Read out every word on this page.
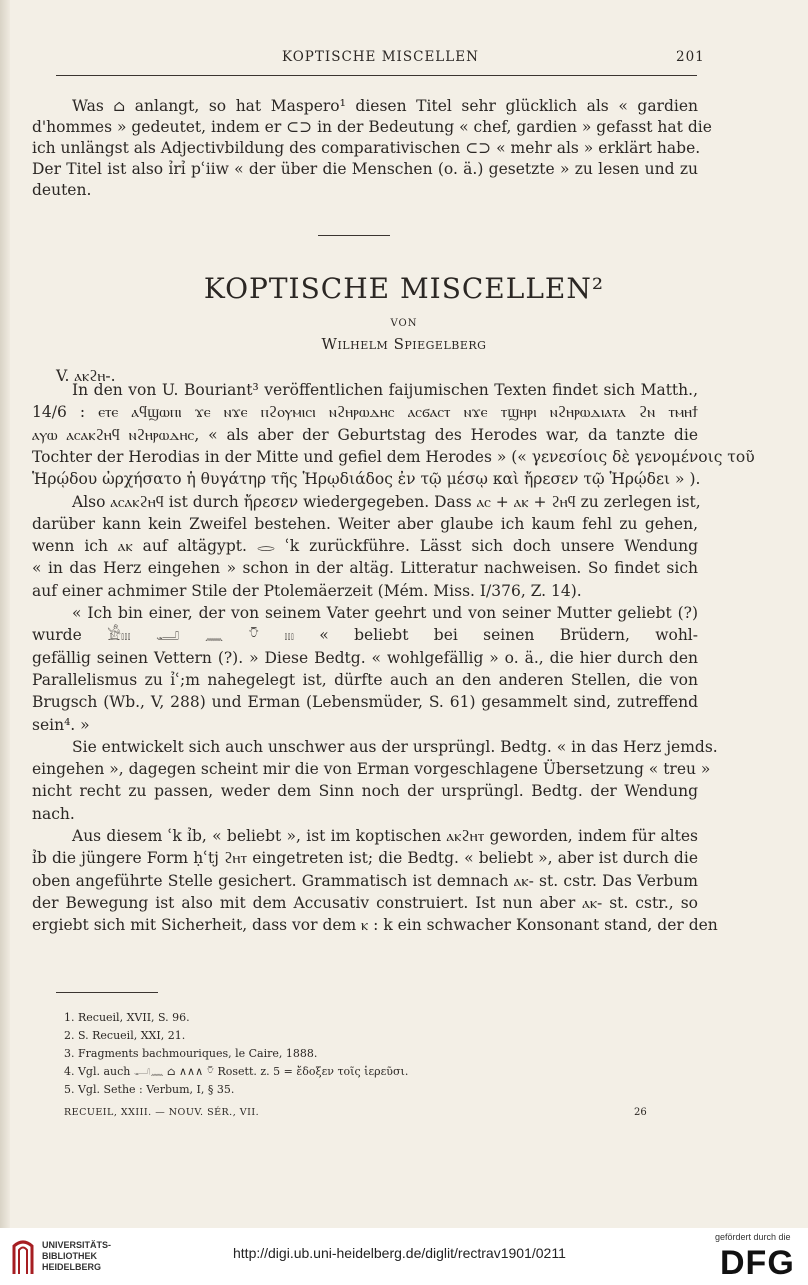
KOPTISCHE MISCELLEN	201
Was ⌂ anlangt, so hat Maspero¹ diesen Titel sehr glücklich als « gardien
d'hommes » gedeutet, indem er ⊂⊃ in der Bedeutung « chef, gardien » gefasst hat die
ich unlängst als Adjectivbildung des comparativischen ⊂⊃ « mehr als » erklärt habe.
Der Titel ist also ỉrỉ pʿiiw « der über die Menschen (o. ä.) gesetzte » zu lesen und zu
deuten.
KOPTISCHE MISCELLEN²
VON
Wilhelm Spiegelberg
V. ⲁⲕϩⲏ-.
In den von U. Bouriant³ veröffentlichen faijumischen Texten findet sich Matth.,
14/6 : ⲉⲧⲉ ⲁϥϣⲱⲡⲓ ϫⲉ ⲛϫⲉ ⲡϩⲟⲩⲙⲓⲥⲓ ⲛϩⲏⲣⲱⲇⲏⲥ ⲁⲥϭⲁⲥⲧ ⲛϫⲉ ⲧϣⲏⲣⲓ ⲛϩⲏⲣⲱⲇⲓⲁⲧⲁ ϩⲛ ⲧⲙⲏϯ
ⲁⲩⲱ ⲁⲥⲁⲕϩⲏϥ ⲛϩⲏⲣⲱⲇⲏⲥ, « als aber der Geburtstag des Herodes war, da tanzte die
Tochter der Herodias in der Mitte und gefiel dem Herodes » (« γενεσίοις δὲ γενομένοις τοῦ
Ἡρῴδου ὠρχήσατο ἡ θυγάτηρ τῆς Ἡρῳδιάδος ἐν τῷ μέσῳ καὶ ἤρεσεν τῷ Ἡρῴδει » ).
Also ⲁⲥⲁⲕϩⲏϥ ist durch ἤρεσεν wiedergegeben. Dass ⲁⲥ + ⲁⲕ + ϩⲏϥ zu zerlegen ist,
darüber kann kein Zweifel bestehen. Weiter aber glaube ich kaum fehl zu gehen,
wenn ich ⲁⲕ auf altägypt. 𓂋 ʿk zurückführe. Lässt sich doch unsere Wendung
« in das Herz eingehen » schon in der altäg. Litteratur nachweisen. So findet sich
auf einer achmimer Stile der Ptolemäerzeit (Mém. Miss. I/376, Z. 14).
« Ich bin einer, der von seinem Vater geehrt und von seiner Mutter geliebt (?)
wurde 𓀀𓏤𓏤𓏤 𓂝 𓈖 𓄣 𓏤𓏤𓏤 « beliebt bei seinen Brüdern, wohl-
gefällig seinen Vettern (?). » Diese Bedtg. « wohlgefällig » o. ä., die hier durch den
Parallelismus zu ỉʿ;m nahegelegt ist, dürfte auch an den anderen Stellen, die von
Brugsch (Wb., V, 288) und Erman (Lebensmüder, S. 61) gesammelt sind, zutreffend
sein⁴. »
Sie entwickelt sich auch unschwer aus der ursprüngl. Bedtg. « in das Herz jemds.
eingehen », dagegen scheint mir die von Erman vorgeschlagene Übersetzung « treu »
nicht recht zu passen, weder dem Sinn noch der ursprüngl. Bedtg. der Wendung
nach.
Aus diesem ʿk ỉb, « beliebt », ist im koptischen ⲁⲕϩⲏⲧ geworden, indem für altes
ỉb die jüngere Form ḥʿtj ϩⲏⲧ eingetreten ist; die Bedtg. « beliebt », aber ist durch die
oben angeführte Stelle gesichert. Grammatisch ist demnach ⲁⲕ- st. cstr. Das Verbum
der Bewegung ist also mit dem Accusativ construiert. Ist nun aber ⲁⲕ- st. cstr., so
ergiebt sich mit Sicherheit, dass vor dem ⲕ : k ein schwacher Konsonant stand, der den
1. Recueil, XVII, S. 96.
2. S. Recueil, XXI, 21.
3. Fragments bachmouriques, le Caire, 1888.
4. Vgl. auch 𓂝𓈖 ⌂ ∧∧∧ 𓄣 Rosett. z. 5 = ἔδοξεν τοῖς ἱερεῦσι.
5. Vgl. Sethe : Verbum, I, § 35.
RECUEIL, XXIII. — NOUV. SÉR., VII.	26
UNIVERSITÄTS-
BIBLIOTHEK
HEIDELBERG
http://digi.ub.uni-heidelberg.de/diglit/rectrav1901/0211
gefördert durch die
DFG
